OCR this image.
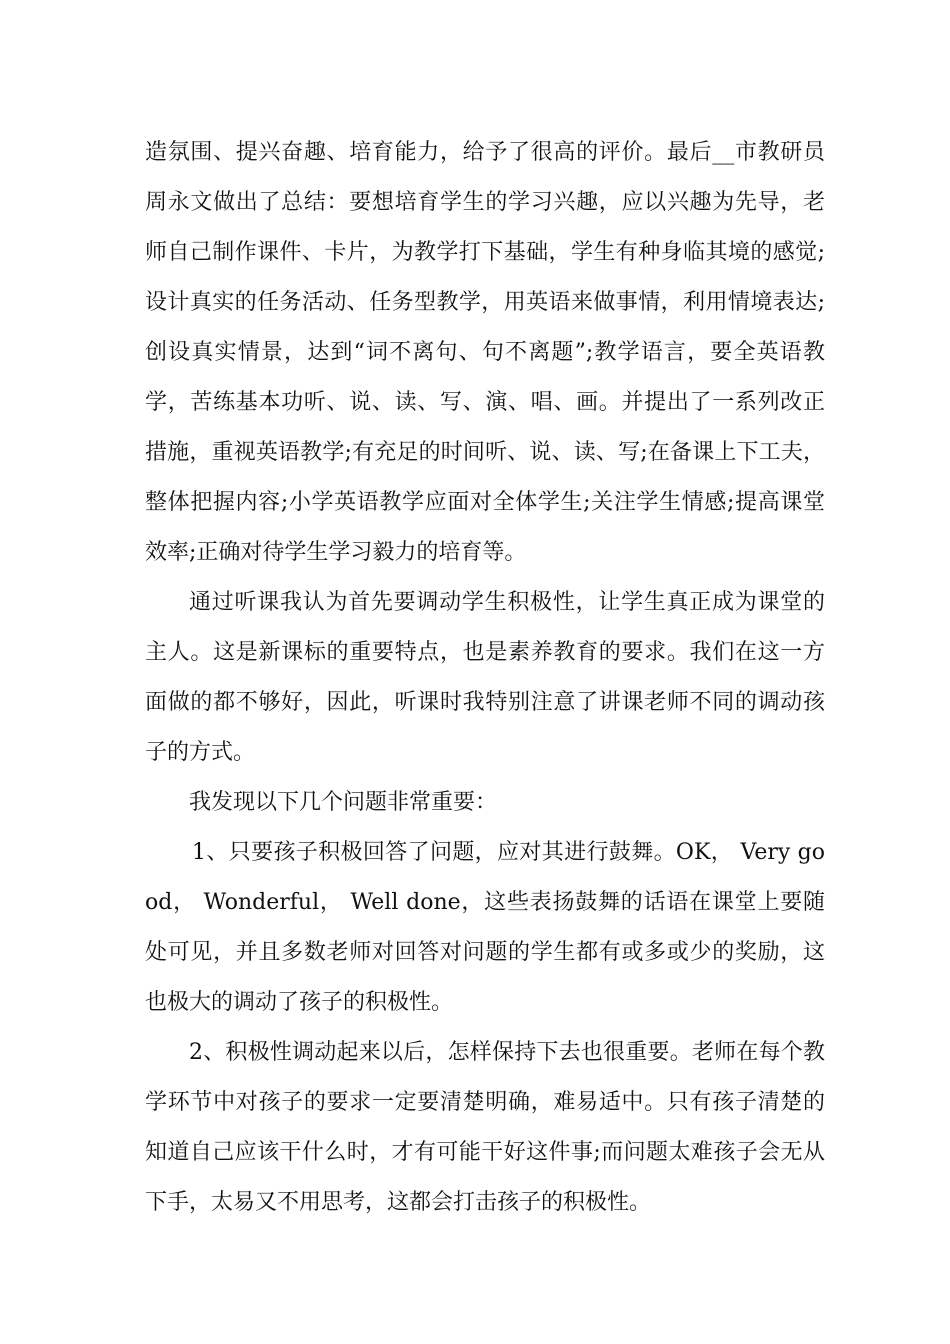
造氛围、提兴奋趣、培育能力，给予了很高的评价。最后__市教研员周永文做出了总结：要想培育学生的学习兴趣，应以兴趣为先导，老师自己制作课件、卡片，为教学打下基础，学生有种身临其境的感觉;设计真实的任务活动、任务型教学，用英语来做事情，利用情境表达;创设真实情景，达到“词不离句、句不离题”;教学语言，要全英语教学，苦练基本功听、说、读、写、演、唱、画。并提出了一系列改正措施，重视英语教学;有充足的时间听、说、读、写;在备课上下工夫，整体把握内容;小学英语教学应面对全体学生;关注学生情感;提高课堂效率;正确对待学生学习毅力的培育等。

通过听课我认为首先要调动学生积极性，让学生真正成为课堂的主人。这是新课标的重要特点，也是素养教育的要求。我们在这一方面做的都不够好，因此，听课时我特别注意了讲课老师不同的调动孩子的方式。

我发现以下几个问题非常重要：

1、只要孩子积极回答了问题，应对其进行鼓舞。OK， Very good， Wonderful， Well done，这些表扬鼓舞的话语在课堂上要随处可见，并且多数老师对回答对问题的学生都有或多或少的奖励，这也极大的调动了孩子的积极性。

2、积极性调动起来以后，怎样保持下去也很重要。老师在每个教学环节中对孩子的要求一定要清楚明确，难易适中。只有孩子清楚的知道自己应该干什么时，才有可能干好这件事;而问题太难孩子会无从下手，太易又不用思考，这都会打击孩子的积极性。
